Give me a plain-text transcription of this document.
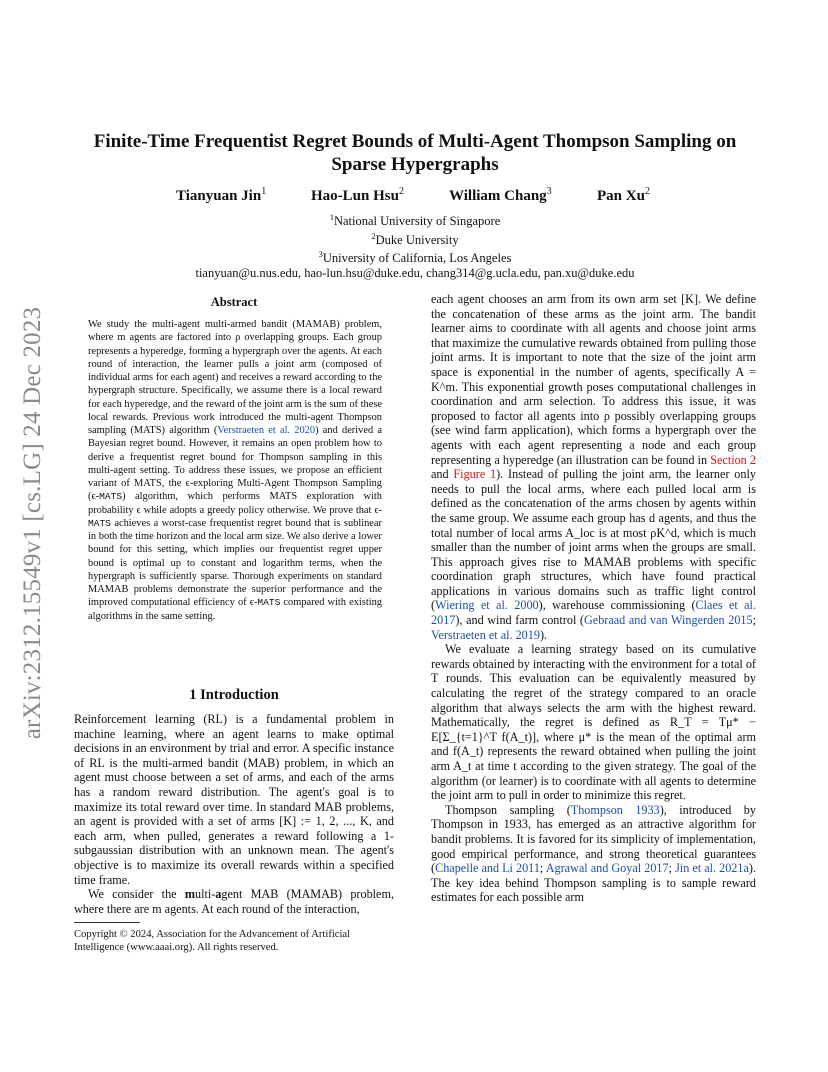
arXiv:2312.15549v1 [cs.LG] 24 Dec 2023
Finite-Time Frequentist Regret Bounds of Multi-Agent Thompson Sampling on
Sparse Hypergraphs
Tianyuan Jin$^1$	Hao-Lun Hsu$^2$	William Chang$^3$	Pan Xu$^2$
$^1$National University of Singapore
$^2$Duke University
$^3$University of California, Los Angeles
tianyuan@u.nus.edu, hao-lun.hsu@duke.edu, chang314@g.ucla.edu, pan.xu@duke.edu
Abstract
We study the multi-agent multi-armed bandit (MAMAB) problem, where m agents are factored into ρ overlapping groups. Each group represents a hyperedge, forming a hypergraph over the agents. At each round of interaction, the learner pulls a joint arm (composed of individual arms for each agent) and receives a reward according to the hypergraph structure. Specifically, we assume there is a local reward for each hyperedge, and the reward of the joint arm is the sum of these local rewards. Previous work introduced the multi-agent Thompson sampling (MATS) algorithm (Verstraeten et al. 2020) and derived a Bayesian regret bound. However, it remains an open problem how to derive a frequentist regret bound for Thompson sampling in this multi-agent setting. To address these issues, we propose an efficient variant of MATS, the ϵ-exploring Multi-Agent Thompson Sampling (ϵ-MATS) algorithm, which performs MATS exploration with probability ϵ while adopts a greedy policy otherwise. We prove that ϵ-MATS achieves a worst-case frequentist regret bound that is sublinear in both the time horizon and the local arm size. We also derive a lower bound for this setting, which implies our frequentist regret upper bound is optimal up to constant and logarithm terms, when the hypergraph is sufficiently sparse. Thorough experiments on standard MAMAB problems demonstrate the superior performance and the improved computational efficiency of ϵ-MATS compared with existing algorithms in the same setting.
1 Introduction

Reinforcement learning (RL) is a fundamental problem in machine learning, where an agent learns to make optimal decisions in an environment by trial and error. A specific instance of RL is the multi-armed bandit (MAB) problem, in which an agent must choose between a set of arms, and each of the arms has a random reward distribution. The agent's goal is to maximize its total reward over time. In standard MAB problems, an agent is provided with a set of arms [K] := 1, 2, ..., K, and each arm, when pulled, generates a reward following a 1-subgaussian distribution with an unknown mean. The agent's objective is to maximize its overall rewards within a specified time frame.

We consider the multi-agent MAB (MAMAB) problem, where there are m agents. At each round of the interaction,

each agent chooses an arm from its own arm set [K]. We define the concatenation of these arms as the joint arm. The bandit learner aims to coordinate with all agents and choose joint arms that maximize the cumulative rewards obtained from pulling those joint arms. It is important to note that the size of the joint arm space is exponential in the number of agents, specifically A = K^m. This exponential growth poses computational challenges in coordination and arm selection. To address this issue, it was proposed to factor all agents into ρ possibly overlapping groups (see wind farm application), which forms a hypergraph over the agents with each agent representing a node and each group representing a hyperedge (an illustration can be found in Section 2 and Figure 1). Instead of pulling the joint arm, the learner only needs to pull the local arms, where each pulled local arm is defined as the concatenation of the arms chosen by agents within the same group. We assume each group has d agents, and thus the total number of local arms A_loc is at most ρK^d, which is much smaller than the number of joint arms when the groups are small. This approach gives rise to MAMAB problems with specific coordination graph structures, which have found practical applications in various domains such as traffic light control (Wiering et al. 2000), warehouse commissioning (Claes et al. 2017), and wind farm control (Gebraad and van Wingerden 2015; Verstraeten et al. 2019).

We evaluate a learning strategy based on its cumulative rewards obtained by interacting with the environment for a total of T rounds. This evaluation can be equivalently measured by calculating the regret of the strategy compared to an oracle algorithm that always selects the arm with the highest reward. Mathematically, the regret is defined as R_T = Tμ* − E[Σ_{t=1}^T f(A_t)], where μ* is the mean of the optimal arm and f(A_t) represents the reward obtained when pulling the joint arm A_t at time t according to the given strategy. The goal of the algorithm (or learner) is to coordinate with all agents to determine the joint arm to pull in order to minimize this regret.

Thompson sampling (Thompson 1933), introduced by Thompson in 1933, has emerged as an attractive algorithm for bandit problems. It is favored for its simplicity of implementation, good empirical performance, and strong theoretical guarantees (Chapelle and Li 2011; Agrawal and Goyal 2017; Jin et al. 2021a). The key idea behind Thompson sampling is to sample reward estimates for each possible arm

Copyright © 2024, Association for the Advancement of Artificial Intelligence (www.aaai.org). All rights reserved.
